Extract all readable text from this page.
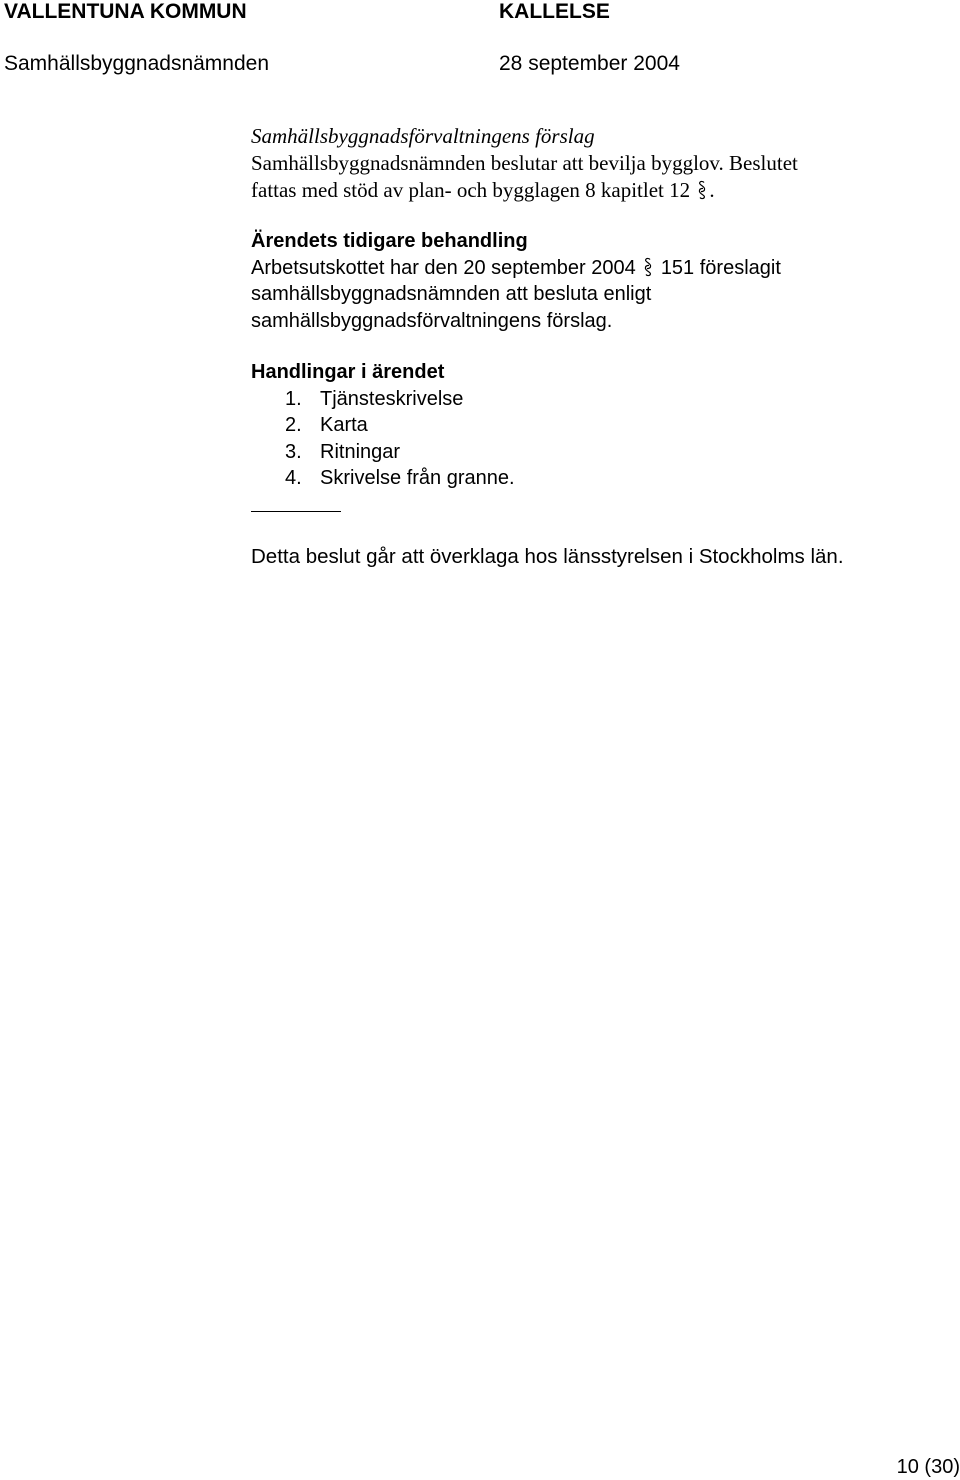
VALLENTUNA KOMMUN	KALLELSE
Samhällsbyggnadsnämnden	28 september 2004
Samhällsbyggnadsförvaltningens förslag
Samhällsbyggnadsnämnden beslutar att bevilja bygglov. Beslutet
fattas med stöd av plan- och bygglagen 8 kapitlet 12 .
Ärendets tidigare behandling
Arbetsutskottet har den 20 september 2004 151 föreslagit
samhällsbyggnadsnämnden att besluta enligt
samhällsbyggnadsförvaltningens förslag.
Handlingar i ärendet
1. Tjänsteskrivelse
2. Karta
3. Ritningar
4. Skrivelse från granne.
Detta beslut går att överklaga hos länsstyrelsen i Stockholms län.
10 (30)
